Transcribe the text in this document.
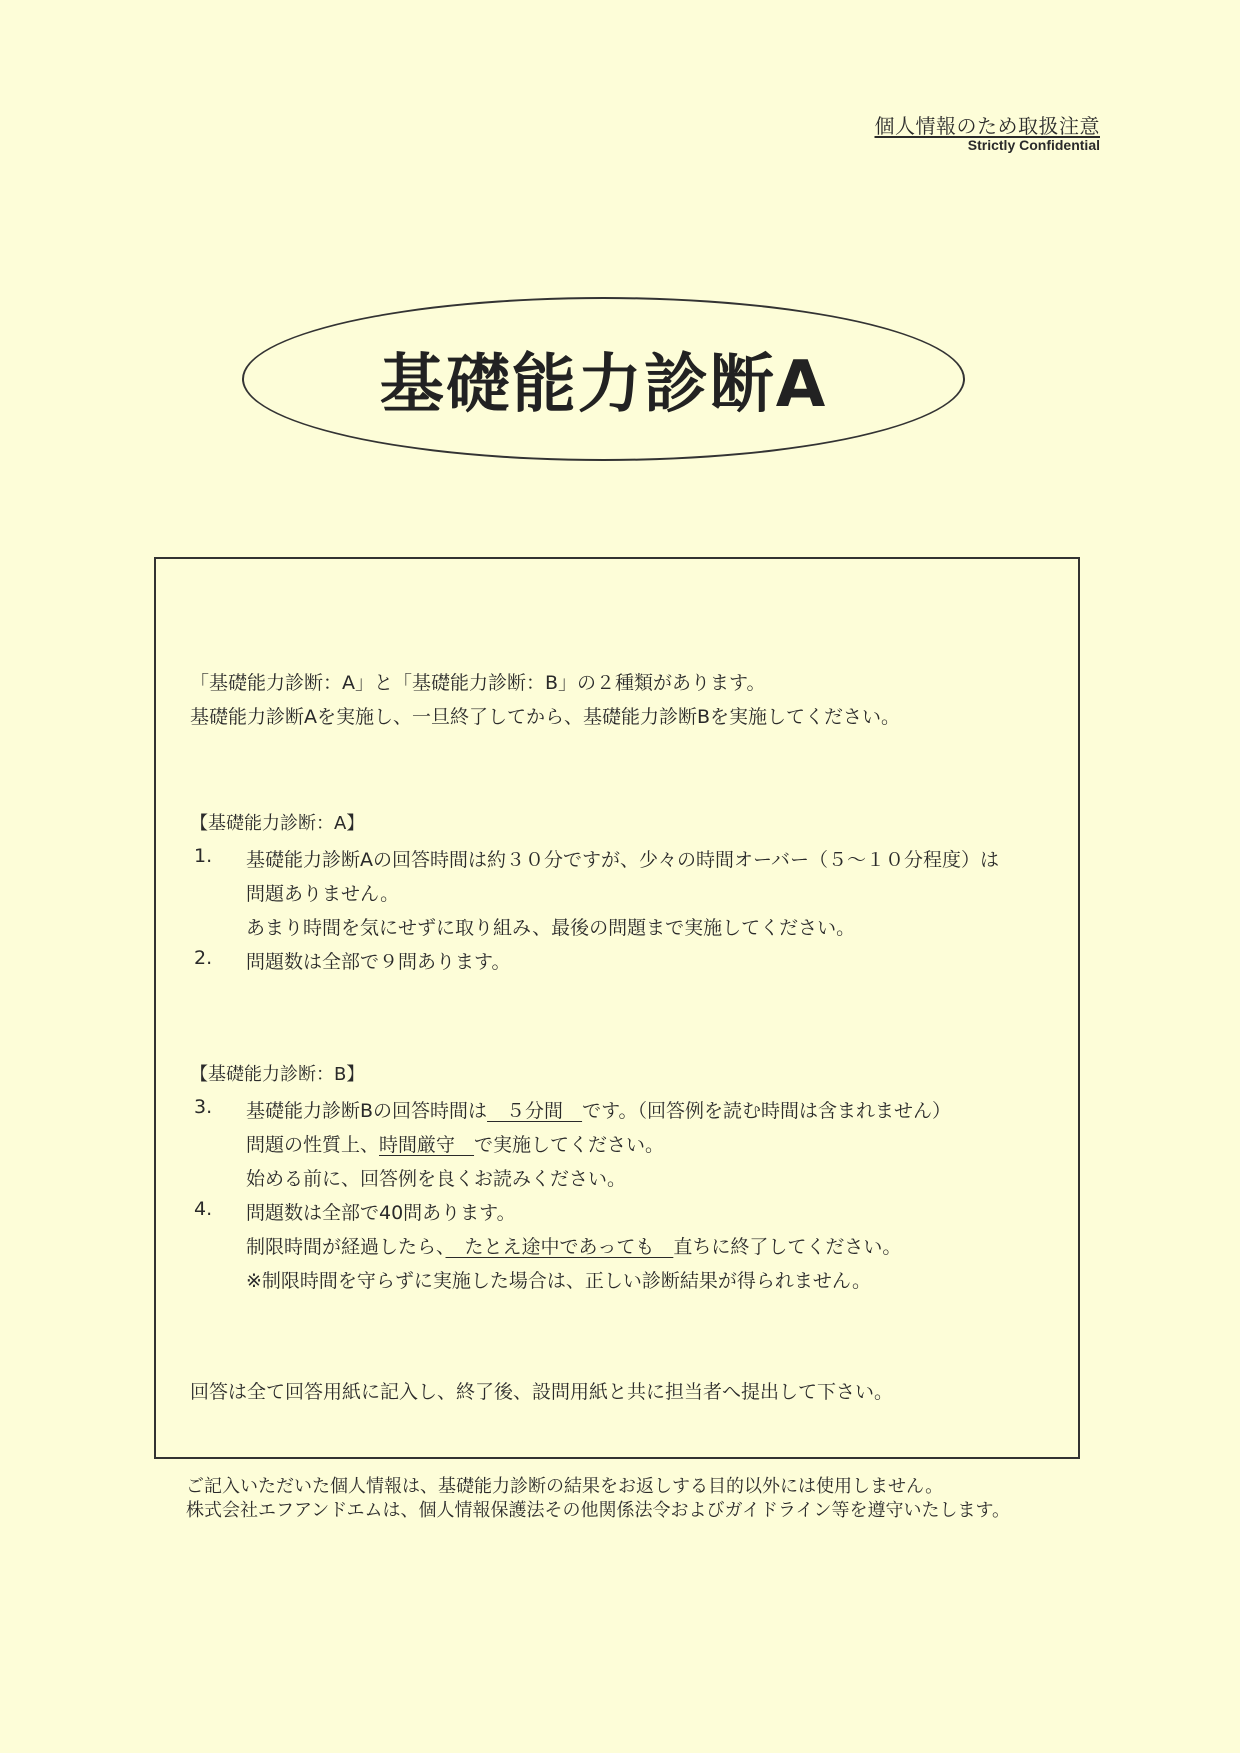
個人情報のため取扱注意
Strictly Confidential
基礎能力診断A
「基礎能力診断：A」と「基礎能力診断：B」の２種類があります。
基礎能力診断Aを実施し、一旦終了してから、基礎能力診断Bを実施してください。
【基礎能力診断：A】
1. 基礎能力診断Aの回答時間は約３０分ですが、少々の時間オーバー（５～１０分程度）は
問題ありません。
あまり時間を気にせずに取り組み、最後の問題まで実施してください。
2. 問題数は全部で９問あります。
【基礎能力診断：B】
3. 基礎能力診断Bの回答時間は　５分間　です。（回答例を読む時間は含まれません）
問題の性質上、時間厳守　で実施してください。
始める前に、回答例を良くお読みください。
4. 問題数は全部で40問あります。
制限時間が経過したら、　たとえ途中であっても　直ちに終了してください。
※制限時間を守らずに実施した場合は、正しい診断結果が得られません。
回答は全て回答用紙に記入し、終了後、設問用紙と共に担当者へ提出して下さい。
ご記入いただいた個人情報は、基礎能力診断の結果をお返しする目的以外には使用しません。
株式会社エフアンドエムは、個人情報保護法その他関係法令およびガイドライン等を遵守いたします。
